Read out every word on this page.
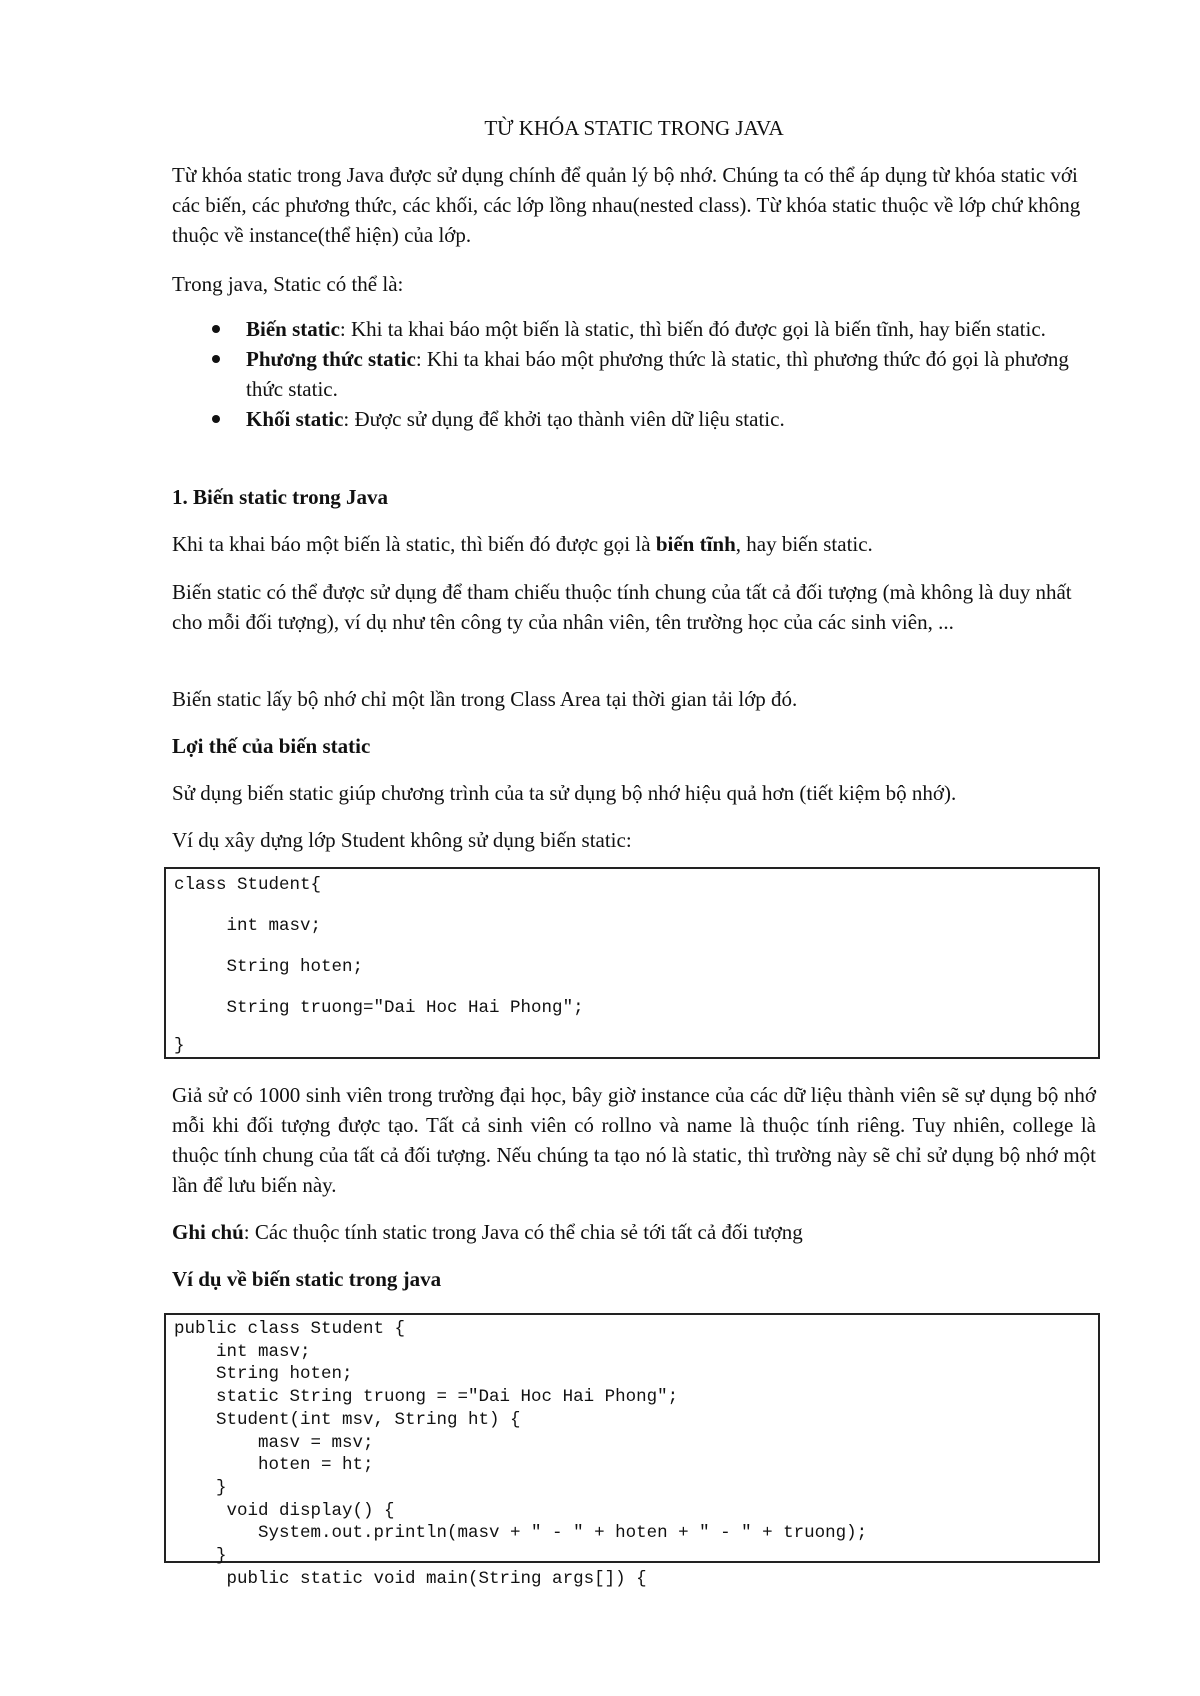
TỪ KHÓA STATIC TRONG JAVA

Từ khóa static trong Java được sử dụng chính để quản lý bộ nhớ. Chúng ta có thể áp dụng từ khóa static với các biến, các phương thức, các khối, các lớp lồng nhau(nested class). Từ khóa static thuộc về lớp chứ không thuộc về instance(thể hiện) của lớp.

Trong java, Static có thể là:

Biến static: Khi ta khai báo một biến là static, thì biến đó được gọi là biến tĩnh, hay biến static.
Phương thức static: Khi ta khai báo một phương thức là static, thì phương thức đó gọi là phương thức static.
Khối static: Được sử dụng để khởi tạo thành viên dữ liệu static.
1. Biến static trong Java

Khi ta khai báo một biến là static, thì biến đó được gọi là biến tĩnh, hay biến static.

Biến static có thể được sử dụng để tham chiếu thuộc tính chung của tất cả đối tượng (mà không là duy nhất cho mỗi đối tượng), ví dụ như tên công ty của nhân viên, tên trường học của các sinh viên, ...

Biến static lấy bộ nhớ chỉ một lần trong Class Area tại thời gian tải lớp đó.

Lợi thế của biến static

Sử dụng biến static giúp chương trình của ta sử dụng bộ nhớ hiệu quả hơn (tiết kiệm bộ nhớ).

Ví dụ xây dựng lớp Student không sử dụng biến static:

Giả sử có 1000 sinh viên trong trường đại học, bây giờ instance của các dữ liệu thành viên sẽ sự dụng bộ nhớ mỗi khi đối tượng được tạo. Tất cả sinh viên có rollno và name là thuộc tính riêng. Tuy nhiên, college là thuộc tính chung của tất cả đối tượng. Nếu chúng ta tạo nó là static, thì trường này sẽ chỉ sử dụng bộ nhớ một lần để lưu biến này.

Ghi chú: Các thuộc tính static trong Java có thể chia sẻ tới tất cả đối tượng

Ví dụ về biến static trong java
class Student{
int masv;
String hoten;
String truong="Dai Hoc Hai Phong";
}
public class Student {
int masv;
String hoten;
static String truong = ="Dai Hoc Hai Phong";
Student(int msv, String ht) {
masv = msv;
hoten = ht;
}
void display() {
System.out.println(masv + " - " + hoten + " - " + truong);
}
public static void main(String args[]) {
